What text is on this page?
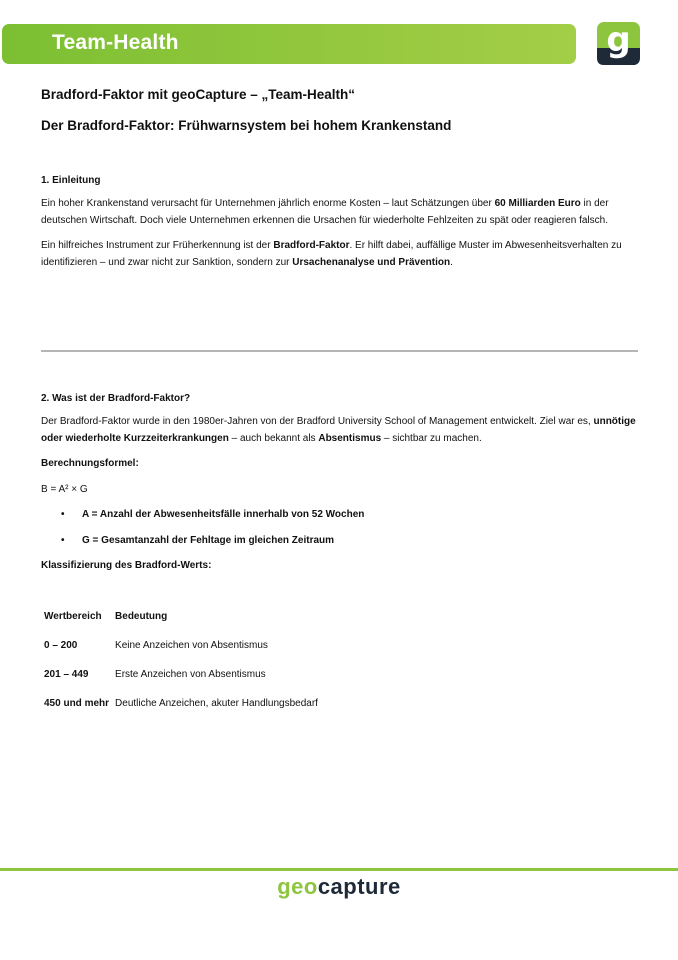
Team-Health	g

Bradford-Faktor mit geoCapture – „Team-Health“

Der Bradford-Faktor: Frühwarnsystem bei hohem Krankenstand

1. Einleitung

Ein hoher Krankenstand verursacht für Unternehmen jährlich enorme Kosten – laut Schätzungen über 60 Milliarden Euro in der deutschen Wirtschaft. Doch viele Unternehmen erkennen die Ursachen für wiederholte Fehlzeiten zu spät oder reagieren falsch.

Ein hilfreiches Instrument zur Früherkennung ist der Bradford-Faktor. Er hilft dabei, auffällige Muster im Abwesenheitsverhalten zu identifizieren – und zwar nicht zur Sanktion, sondern zur Ursachenanalyse und Prävention.

2. Was ist der Bradford-Faktor?

Der Bradford-Faktor wurde in den 1980er-Jahren von der Bradford University School of Management entwickelt. Ziel war es, unnötige oder wiederholte Kurzzeiterkrankungen – auch bekannt als Absentismus – sichtbar zu machen.

Berechnungsformel:

B = A² × G

• A = Anzahl der Abwesenheitsfälle innerhalb von 52 Wochen
• G = Gesamtanzahl der Fehltage im gleichen Zeitraum

Klassifizierung des Bradford-Werts:

Wertbereich	Bedeutung
0 – 200	Keine Anzeichen von Absentismus
201 – 449	Erste Anzeichen von Absentismus
450 und mehr	Deutliche Anzeichen, akuter Handlungsbedarf
geocapture
